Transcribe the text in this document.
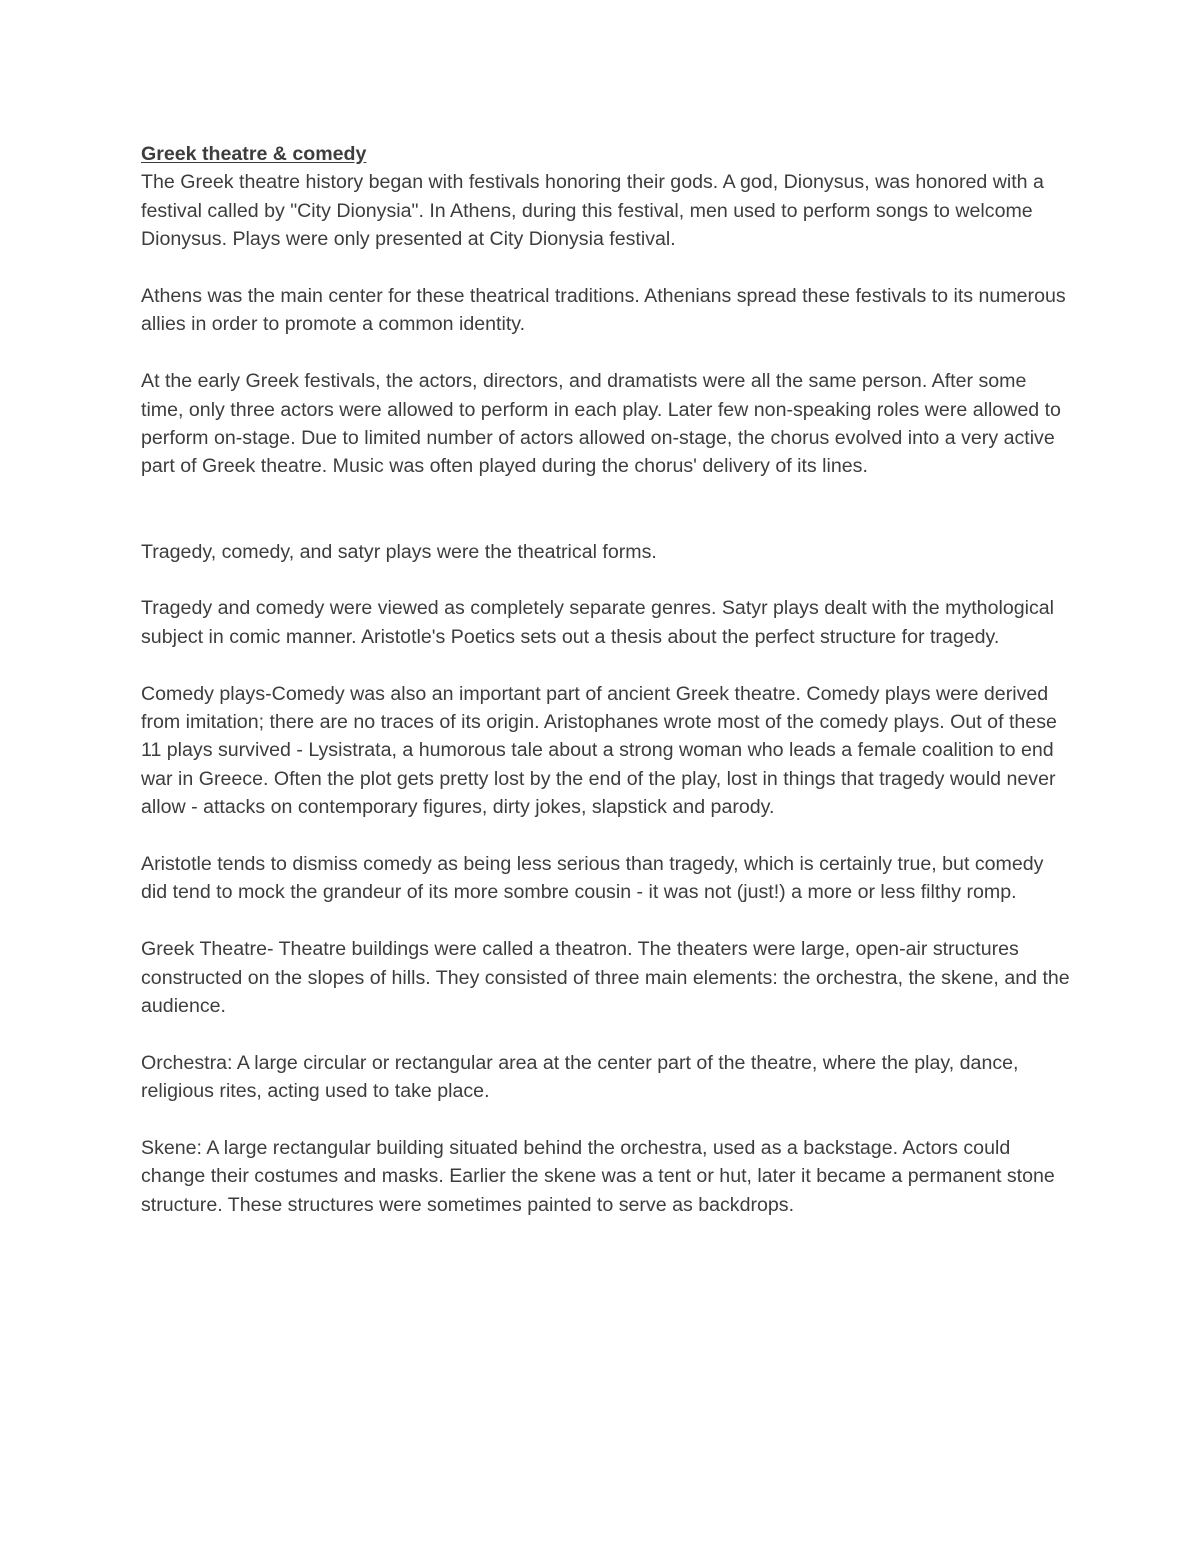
Greek theatre & comedy

The Greek theatre history began with festivals honoring their gods. A god, Dionysus, was honored with a festival called by "City Dionysia". In Athens, during this festival, men used to perform songs to welcome Dionysus. Plays were only presented at City Dionysia festival.

Athens was the main center for these theatrical traditions. Athenians spread these festivals to its numerous allies in order to promote a common identity.

At the early Greek festivals, the actors, directors, and dramatists were all the same person. After some time, only three actors were allowed to perform in each play. Later few non-speaking roles were allowed to perform on-stage. Due to limited number of actors allowed on-stage, the chorus evolved into a very active part of Greek theatre. Music was often played during the chorus' delivery of its lines.

Tragedy, comedy, and satyr plays were the theatrical forms.

Tragedy and comedy were viewed as completely separate genres. Satyr plays dealt with the mythological subject in comic manner. Aristotle's Poetics sets out a thesis about the perfect structure for tragedy.

Comedy plays-Comedy was also an important part of ancient Greek theatre. Comedy plays were derived from imitation; there are no traces of its origin. Aristophanes wrote most of the comedy plays. Out of these 11 plays survived - Lysistrata, a humorous tale about a strong woman who leads a female coalition to end war in Greece. Often the plot gets pretty lost by the end of the play, lost in things that tragedy would never allow - attacks on contemporary figures, dirty jokes, slapstick and parody.

Aristotle tends to dismiss comedy as being less serious than tragedy, which is certainly true, but comedy did tend to mock the grandeur of its more sombre cousin - it was not (just!) a more or less filthy romp.

Greek Theatre- Theatre buildings were called a theatron. The theaters were large, open-air structures constructed on the slopes of hills. They consisted of three main elements: the orchestra, the skene, and the audience.

Orchestra: A large circular or rectangular area at the center part of the theatre, where the play, dance, religious rites, acting used to take place.

Skene: A large rectangular building situated behind the orchestra, used as a backstage. Actors could change their costumes and masks. Earlier the skene was a tent or hut, later it became a permanent stone structure. These structures were sometimes painted to serve as backdrops.
